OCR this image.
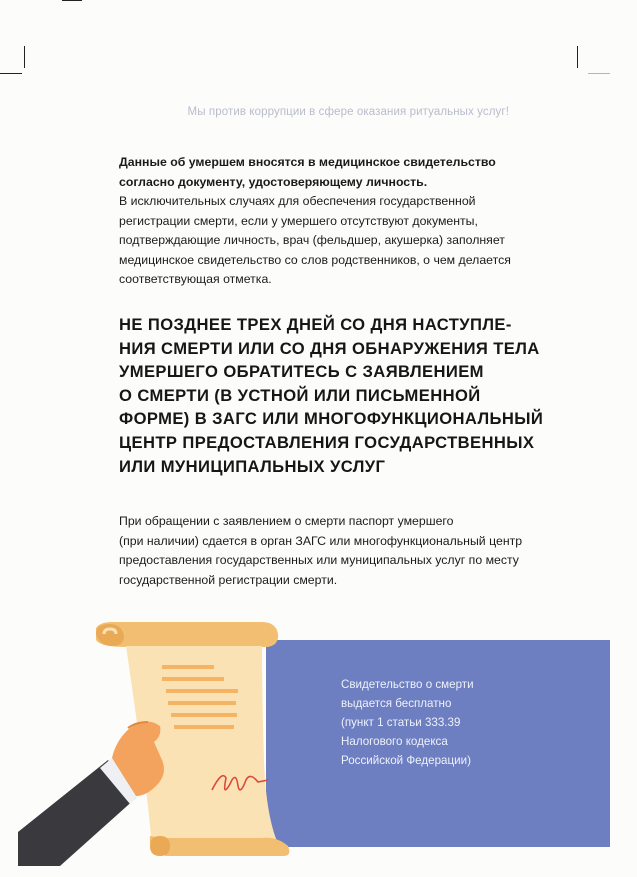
Мы против коррупции в сфере оказания ритуальных услуг!
Данные об умершем вносятся в медицинское свидетельство
согласно документу, удостоверяющему личность.
В исключительных случаях для обеспечения государственной
регистрации смерти, если у умершего отсутствуют документы,
подтверждающие личность, врач (фельдшер, акушерка) заполняет
медицинское свидетельство со слов родственников, о чем делается
соответствующая отметка.
НЕ ПОЗДНЕЕ ТРЕХ ДНЕЙ СО ДНЯ НАСТУПЛЕ-
НИЯ СМЕРТИ ИЛИ СО ДНЯ ОБНАРУЖЕНИЯ ТЕЛА
УМЕРШЕГО ОБРАТИТЕСЬ С ЗАЯВЛЕНИЕМ
О СМЕРТИ (В УСТНОЙ ИЛИ ПИСЬМЕННОЙ
ФОРМЕ) В ЗАГС ИЛИ МНОГОФУНКЦИОНАЛЬНЫЙ
ЦЕНТР ПРЕДОСТАВЛЕНИЯ ГОСУДАРСТВЕННЫХ
ИЛИ МУНИЦИПАЛЬНЫХ УСЛУГ
При обращении с заявлением о смерти паспорт умершего
(при наличии) сдается в орган ЗАГС или многофункциональный центр
предоставления государственных или муниципальных услуг по месту
государственной регистрации смерти.
Свидетельство о смерти
выдается бесплатно
(пункт 1 статьи 333.39
Налогового кодекса
Российской Федерации)
